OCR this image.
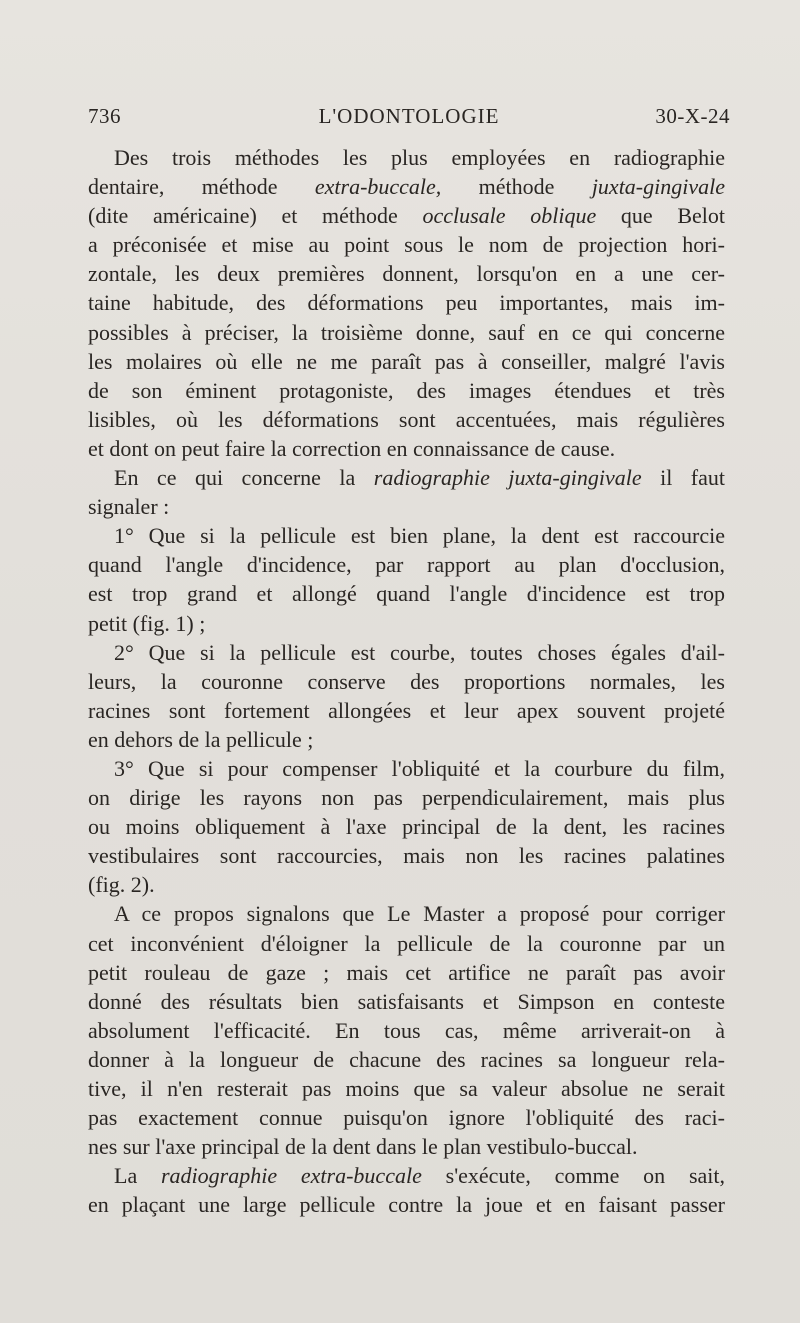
736	L'ODONTOLOGIE	30-X-24
Des trois méthodes les plus employées en radiographie
dentaire, méthode extra-buccale, méthode juxta-gingivale
(dite américaine) et méthode occlusale oblique que Belot
a préconisée et mise au point sous le nom de projection hori-
zontale, les deux premières donnent, lorsqu'on en a une cer-
taine habitude, des déformations peu importantes, mais im-
possibles à préciser, la troisième donne, sauf en ce qui concerne
les molaires où elle ne me paraît pas à conseiller, malgré l'avis
de son éminent protagoniste, des images étendues et très
lisibles, où les déformations sont accentuées, mais régulières
et dont on peut faire la correction en connaissance de cause.
En ce qui concerne la radiographie juxta-gingivale il faut
signaler :
1° Que si la pellicule est bien plane, la dent est raccourcie
quand l'angle d'incidence, par rapport au plan d'occlusion,
est trop grand et allongé quand l'angle d'incidence est trop
petit (fig. 1) ;
2° Que si la pellicule est courbe, toutes choses égales d'ail-
leurs, la couronne conserve des proportions normales, les
racines sont fortement allongées et leur apex souvent projeté
en dehors de la pellicule ;
3° Que si pour compenser l'obliquité et la courbure du film,
on dirige les rayons non pas perpendiculairement, mais plus
ou moins obliquement à l'axe principal de la dent, les racines
vestibulaires sont raccourcies, mais non les racines palatines
(fig. 2).
A ce propos signalons que Le Master a proposé pour corriger
cet inconvénient d'éloigner la pellicule de la couronne par un
petit rouleau de gaze ; mais cet artifice ne paraît pas avoir
donné des résultats bien satisfaisants et Simpson en conteste
absolument l'efficacité. En tous cas, même arriverait-on à
donner à la longueur de chacune des racines sa longueur rela-
tive, il n'en resterait pas moins que sa valeur absolue ne serait
pas exactement connue puisqu'on ignore l'obliquité des raci-
nes sur l'axe principal de la dent dans le plan vestibulo-buccal.
La radiographie extra-buccale s'exécute, comme on sait,
en plaçant une large pellicule contre la joue et en faisant passer
